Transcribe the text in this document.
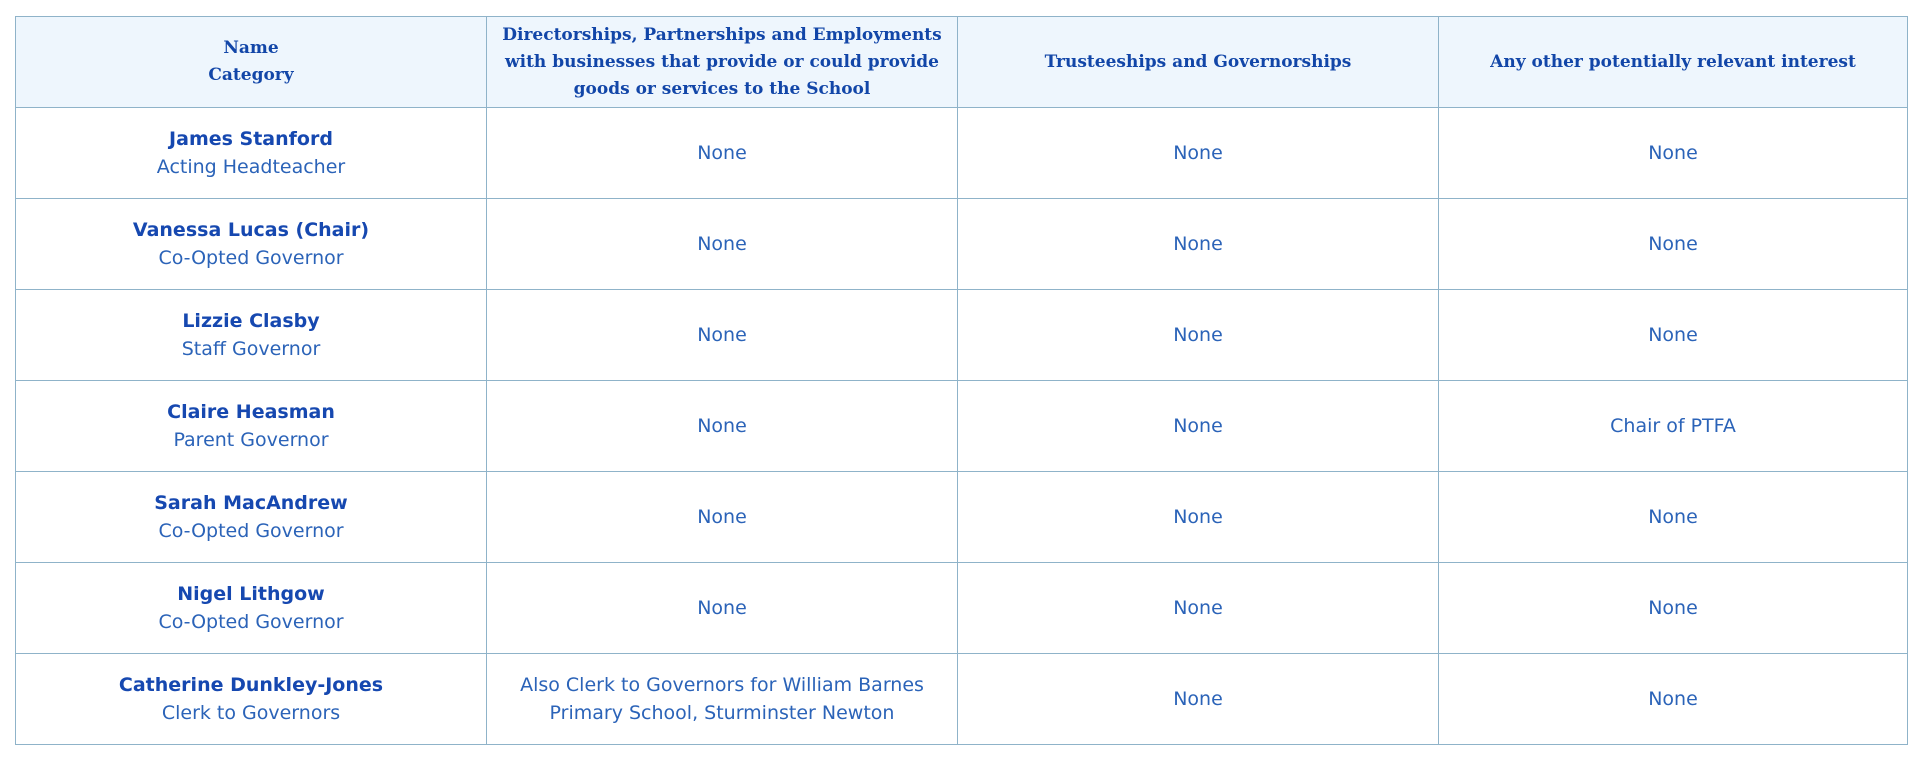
Name
Category	Directorships, Partnerships and Employments with businesses that provide or could provide goods or services to the School	Trusteeships and Governorships	Any other potentially relevant interest

James Stanford
Acting Headteacher	None	None	None

Vanessa Lucas (Chair)
Co-Opted Governor	None	None	None

Lizzie Clasby
Staff Governor	None	None	None

Claire Heasman
Parent Governor	None	None	Chair of PTFA

Sarah MacAndrew
Co-Opted Governor	None	None	None

Nigel Lithgow
Co-Opted Governor	None	None	None

Catherine Dunkley-Jones
Clerk to Governors	Also Clerk to Governors for William Barnes Primary School, Sturminster Newton	None	None
